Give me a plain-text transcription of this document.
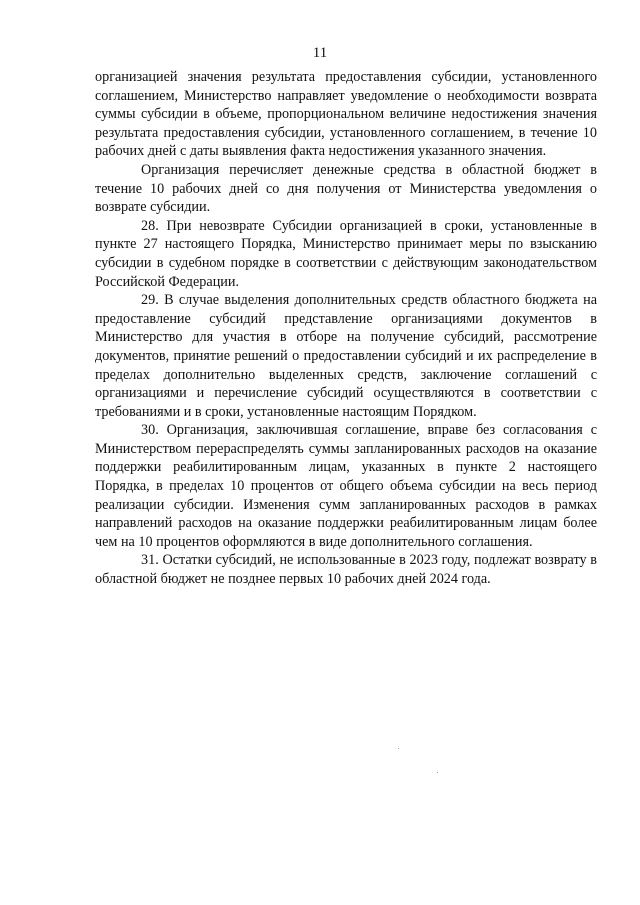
11

организацией значения результата предоставления субсидии, установленного соглашением, Министерство направляет уведомление о необходимости возврата суммы субсидии в объеме, пропорциональном величине недостижения значения результата предоставления субсидии, установленного соглашением, в течение 10 рабочих дней с даты выявления факта недостижения указанного значения.

Организация перечисляет денежные средства в областной бюджет в течение 10 рабочих дней со дня получения от Министерства уведомления о возврате субсидии.

28. При невозврате Субсидии организацией в сроки, установленные в пункте 27 настоящего Порядка, Министерство принимает меры по взысканию субсидии в судебном порядке в соответствии с действующим законодательством Российской Федерации.

29. В случае выделения дополнительных средств областного бюджета на предоставление субсидий представление организациями документов в Министерство для участия в отборе на получение субсидий, рассмотрение документов, принятие решений о предоставлении субсидий и их распределение в пределах дополнительно выделенных средств, заключение соглашений с организациями и перечисление субсидий осуществляются в соответствии с требованиями и в сроки, установленные настоящим Порядком.

30. Организация, заключившая соглашение, вправе без согласования с Министерством перераспределять суммы запланированных расходов на оказание поддержки реабилитированным лицам, указанных в пункте 2 настоящего Порядка, в пределах 10 процентов от общего объема субсидии на весь период реализации субсидии. Изменения сумм запланированных расходов в рамках направлений расходов на оказание поддержки реабилитированным лицам более чем на 10 процентов оформляются в виде дополнительного соглашения.

31. Остатки субсидий, не использованные в 2023 году, подлежат возврату в областной бюджет не позднее первых 10 рабочих дней 2024 года.
